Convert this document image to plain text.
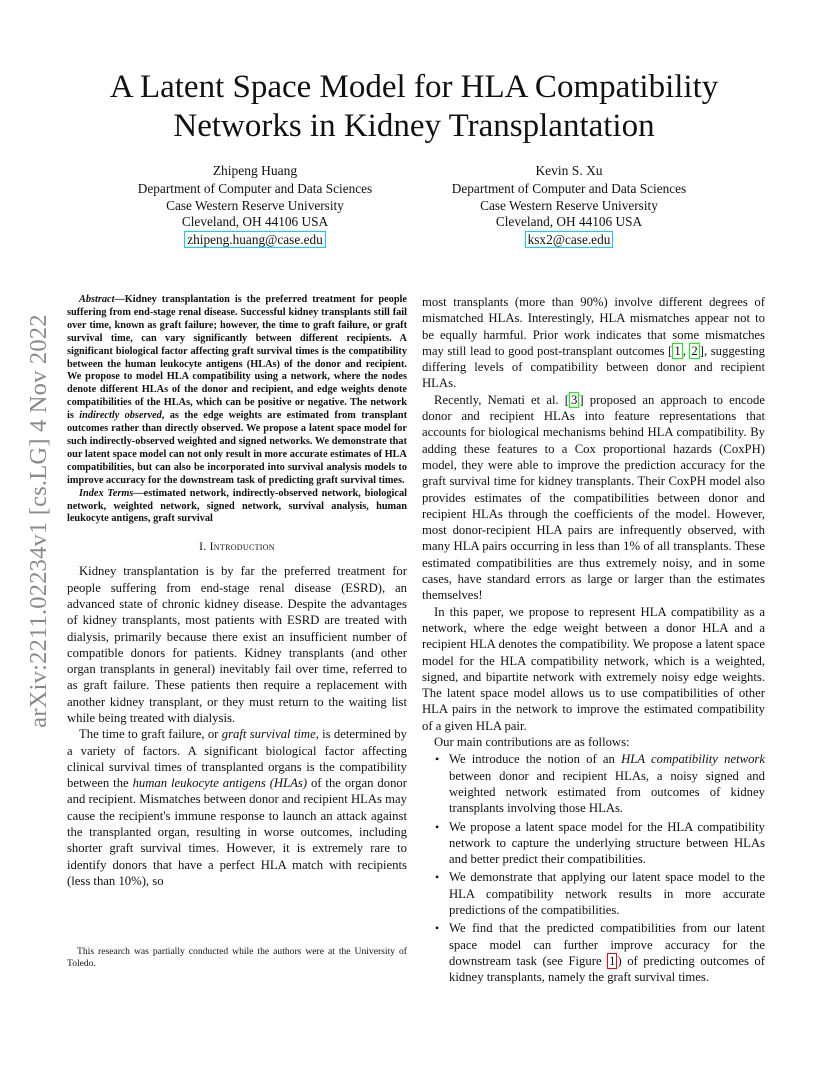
A Latent Space Model for HLA Compatibility Networks in Kidney Transplantation
Zhipeng Huang
Department of Computer and Data Sciences
Case Western Reserve University
Cleveland, OH 44106 USA
zhipeng.huang@case.edu
Kevin S. Xu
Department of Computer and Data Sciences
Case Western Reserve University
Cleveland, OH 44106 USA
ksx2@case.edu
arXiv:2211.02234v1 [cs.LG] 4 Nov 2022

Abstract—Kidney transplantation is the preferred treatment for people suffering from end-stage renal disease. Successful kidney transplants still fail over time, known as graft failure; however, the time to graft failure, or graft survival time, can vary significantly between different recipients. A significant biological factor affecting graft survival times is the compatibility between the human leukocyte antigens (HLAs) of the donor and recipient. We propose to model HLA compatibility using a network, where the nodes denote different HLAs of the donor and recipient, and edge weights denote compatibilities of the HLAs, which can be positive or negative. The network is indirectly observed, as the edge weights are estimated from transplant outcomes rather than directly observed. We propose a latent space model for such indirectly-observed weighted and signed networks. We demonstrate that our latent space model can not only result in more accurate estimates of HLA compatibilities, but can also be incorporated into survival analysis models to improve accuracy for the downstream task of predicting graft survival times.

Index Terms—estimated network, indirectly-observed network, biological network, weighted network, signed network, survival analysis, human leukocyte antigens, graft survival

I. Introduction

Kidney transplantation is by far the preferred treatment for people suffering from end-stage renal disease (ESRD), an advanced state of chronic kidney disease. Despite the advantages of kidney transplants, most patients with ESRD are treated with dialysis, primarily because there exist an insufficient number of compatible donors for patients. Kidney transplants (and other organ transplants in general) inevitably fail over time, referred to as graft failure. These patients then require a replacement with another kidney transplant, or they must return to the waiting list while being treated with dialysis.

The time to graft failure, or graft survival time, is determined by a variety of factors. A significant biological factor affecting clinical survival times of transplanted organs is the compatibility between the human leukocyte antigens (HLAs) of the organ donor and recipient. Mismatches between donor and recipient HLAs may cause the recipient's immune response to launch an attack against the transplanted organ, resulting in worse outcomes, including shorter graft survival times. However, it is extremely rare to identify donors that have a perfect HLA match with recipients (less than 10%), so

This research was partially conducted while the authors were at the University of Toledo.

most transplants (more than 90%) involve different degrees of mismatched HLAs. Interestingly, HLA mismatches appear not to be equally harmful. Prior work indicates that some mismatches may still lead to good post-transplant outcomes [ 1 , 2 ], suggesting differing levels of compatibility between donor and recipient HLAs.

Recently, Nemati et al. [ 3 ] proposed an approach to encode donor and recipient HLAs into feature representations that accounts for biological mechanisms behind HLA compatibility. By adding these features to a Cox proportional hazards (CoxPH) model, they were able to improve the prediction accuracy for the graft survival time for kidney transplants. Their CoxPH model also provides estimates of the compatibilities between donor and recipient HLAs through the coefficients of the model. However, most donor-recipient HLA pairs are infrequently observed, with many HLA pairs occurring in less than 1% of all transplants. These estimated compatibilities are thus extremely noisy, and in some cases, have standard errors as large or larger than the estimates themselves!

In this paper, we propose to represent HLA compatibility as a network, where the edge weight between a donor HLA and a recipient HLA denotes the compatibility. We propose a latent space model for the HLA compatibility network, which is a weighted, signed, and bipartite network with extremely noisy edge weights. The latent space model allows us to use compatibilities of other HLA pairs in the network to improve the estimated compatibility of a given HLA pair.

Our main contributions are as follows:

• We introduce the notion of an HLA compatibility network between donor and recipient HLAs, a noisy signed and weighted network estimated from outcomes of kidney transplants involving those HLAs.
• We propose a latent space model for the HLA compatibility network to capture the underlying structure between HLAs and better predict their compatibilities.
• We demonstrate that applying our latent space model to the HLA compatibility network results in more accurate predictions of the compatibilities.
• We find that the predicted compatibilities from our latent space model can further improve accuracy for the downstream task (see Figure 1 ) of predicting outcomes of kidney transplants, namely the graft survival times.
